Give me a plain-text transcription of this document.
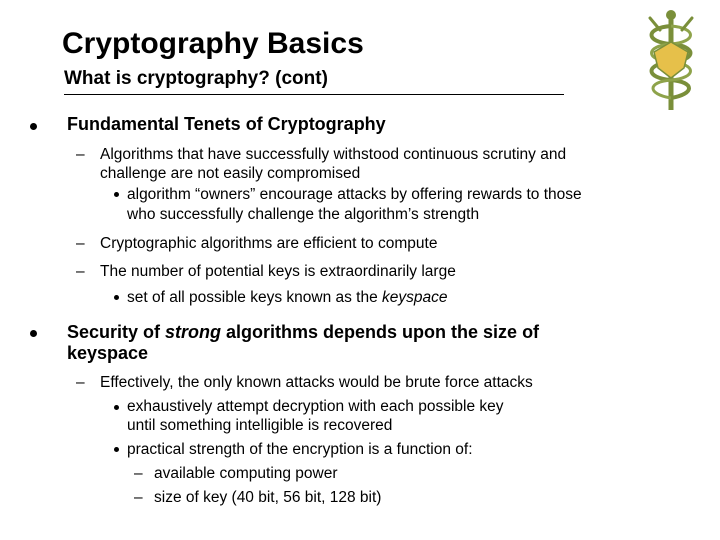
Cryptography Basics
What is cryptography? (cont)
Fundamental Tenets of Cryptography
– Algorithms that have successfully withstood continuous scrutiny and
challenge are not easily compromised
algorithm “owners” encourage attacks by offering rewards to those
who successfully challenge the algorithm’s strength
– Cryptographic algorithms are efficient to compute
– The number of potential keys is extraordinarily large
set of all possible keys known as the keyspace
Security of strong algorithms depends upon the size of
keyspace
– Effectively, the only known attacks would be brute force attacks
exhaustively attempt decryption with each possible key
until something intelligible is recovered
practical strength of the encryption is a function of:
– available computing power
– size of key (40 bit, 56 bit, 128 bit)
